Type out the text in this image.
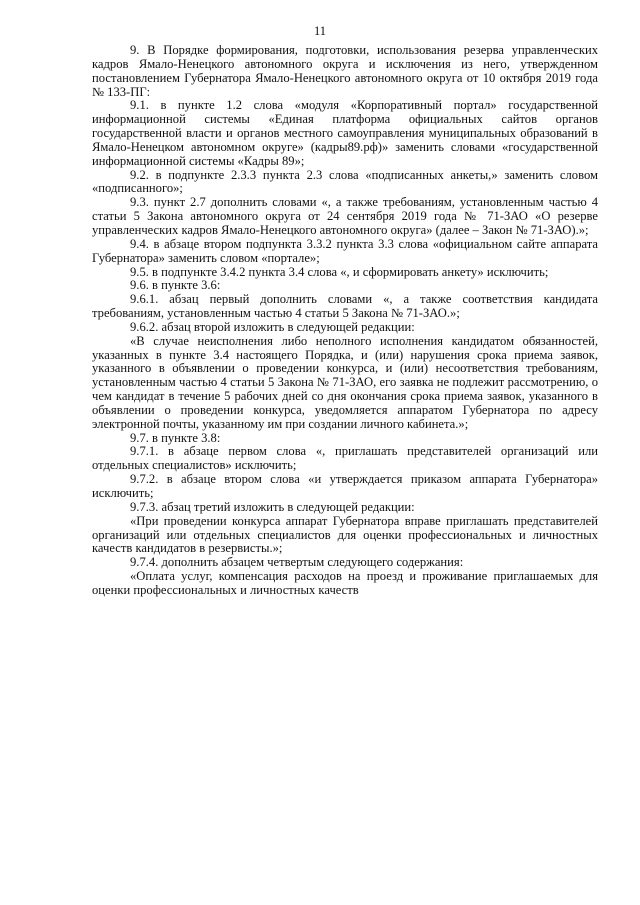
11

9. В Порядке формирования, подготовки, использования резерва управленческих кадров Ямало-Ненецкого автономного округа и исключения из него, утвержденном постановлением Губернатора Ямало-Ненецкого автономного округа от 10 октября 2019 года № 133-ПГ:

9.1. в пункте 1.2 слова «модуля «Корпоративный портал» государственной информационной системы «Единая платформа официальных сайтов органов государственной власти и органов местного самоуправления муниципальных образований в Ямало-Ненецком автономном округе» (кадры89.рф)» заменить словами «государственной информационной системы «Кадры 89»;

9.2. в подпункте 2.3.3 пункта 2.3 слова «подписанных анкеты,» заменить словом «подписанного»;

9.3. пункт 2.7 дополнить словами «, а также требованиям, установленным частью 4 статьи 5 Закона автономного округа от 24 сентября 2019 года № 71-ЗАО «О резерве управленческих кадров Ямало-Ненецкого автономного округа» (далее – Закон № 71-ЗАО).»;

9.4. в абзаце втором подпункта 3.3.2 пункта 3.3 слова «официальном сайте аппарата Губернатора» заменить словом «портале»;

9.5. в подпункте 3.4.2 пункта 3.4 слова «, и сформировать анкету» исключить;

9.6. в пункте 3.6:

9.6.1. абзац первый дополнить словами «, а также соответствия кандидата требованиям, установленным частью 4 статьи 5 Закона № 71-ЗАО.»;

9.6.2. абзац второй изложить в следующей редакции:

«В случае неисполнения либо неполного исполнения кандидатом обязанностей, указанных в пункте 3.4 настоящего Порядка, и (или) нарушения срока приема заявок, указанного в объявлении о проведении конкурса, и (или) несоответствия требованиям, установленным частью 4 статьи 5 Закона № 71-ЗАО, его заявка не подлежит рассмотрению, о чем кандидат в течение 5 рабочих дней со дня окончания срока приема заявок, указанного в объявлении о проведении конкурса, уведомляется аппаратом Губернатора по адресу электронной почты, указанному им при создании личного кабинета.»;

9.7. в пункте 3.8:

9.7.1. в абзаце первом слова «, приглашать представителей организаций или отдельных специалистов» исключить;

9.7.2. в абзаце втором слова «и утверждается приказом аппарата Губернатора» исключить;

9.7.3. абзац третий изложить в следующей редакции:

«При проведении конкурса аппарат Губернатора вправе приглашать представителей организаций или отдельных специалистов для оценки профессиональных и личностных качеств кандидатов в резервисты.»;

9.7.4. дополнить абзацем четвертым следующего содержания:

«Оплата услуг, компенсация расходов на проезд и проживание приглашаемых для оценки профессиональных и личностных качеств
